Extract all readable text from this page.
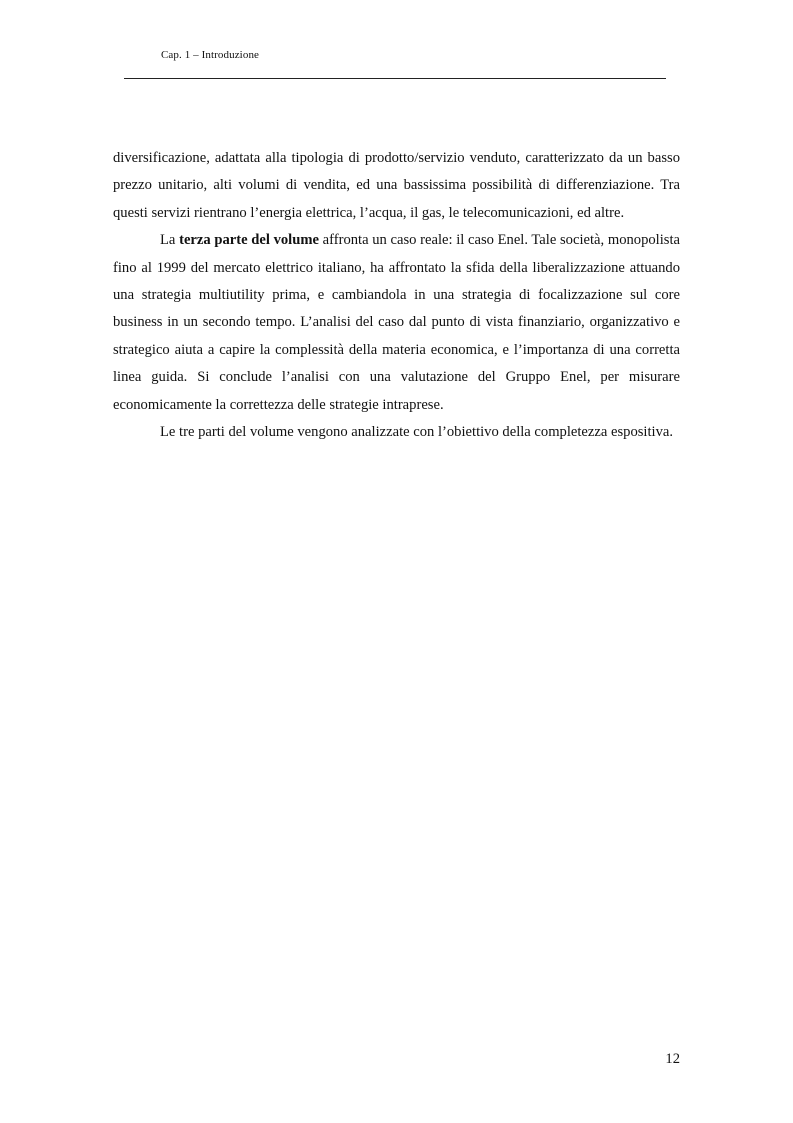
Cap. 1 – Introduzione

diversificazione, adattata alla tipologia di prodotto/servizio venduto, caratterizzato da un basso prezzo unitario, alti volumi di vendita, ed una bassissima possibilità di differenziazione. Tra questi servizi rientrano l’energia elettrica, l’acqua, il gas, le telecomunicazioni, ed altre.

La terza parte del volume affronta un caso reale: il caso Enel. Tale società, monopolista fino al 1999 del mercato elettrico italiano, ha affrontato la sfida della liberalizzazione attuando una strategia multiutility prima, e cambiandola in una strategia di focalizzazione sul core business in un secondo tempo. L’analisi del caso dal punto di vista finanziario, organizzativo e strategico aiuta a capire la complessità della materia economica, e l’importanza di una corretta linea guida. Si conclude l’analisi con una valutazione del Gruppo Enel, per misurare economicamente la correttezza delle strategie intraprese.

Le tre parti del volume vengono analizzate con l’obiettivo della completezza espositiva.

12
